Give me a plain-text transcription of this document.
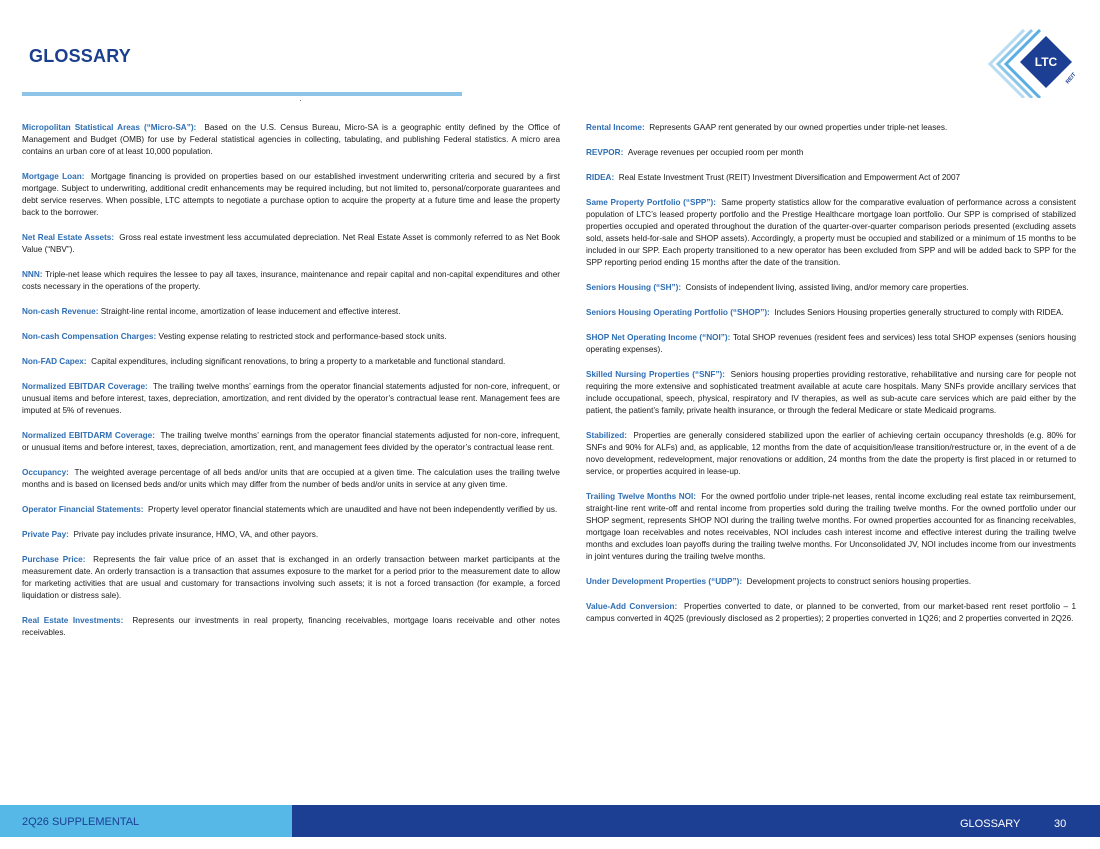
GLOSSARY	LTC
REIT

Micropolitan Statistical Areas (“Micro-SA”): Based on the U.S. Census Bureau, Micro-SA is a geographic entity defined by the Office of Management and Budget (OMB) for use by Federal statistical agencies in collecting, tabulating, and publishing Federal statistics. A micro area contains an urban core of at least 10,000 population.

Mortgage Loan: Mortgage financing is provided on properties based on our established investment underwriting criteria and secured by a first mortgage. Subject to underwriting, additional credit enhancements may be required including, but not limited to, personal/corporate guarantees and debt service reserves. When possible, LTC attempts to negotiate a purchase option to acquire the property at a future time and lease the property back to the borrower.

Net Real Estate Assets: Gross real estate investment less accumulated depreciation. Net Real Estate Asset is commonly referred to as Net Book Value (“NBV”).

NNN: Triple-net lease which requires the lessee to pay all taxes, insurance, maintenance and repair capital and non-capital expenditures and other costs necessary in the operations of the property.

Non-cash Revenue: Straight-line rental income, amortization of lease inducement and effective interest.

Non-cash Compensation Charges: Vesting expense relating to restricted stock and performance-based stock units.

Non-FAD Capex: Capital expenditures, including significant renovations, to bring a property to a marketable and functional standard.

Normalized EBITDAR Coverage: The trailing twelve months’ earnings from the operator financial statements adjusted for non-core, infrequent, or unusual items and before interest, taxes, depreciation, amortization, and rent divided by the operator’s contractual lease rent. Management fees are imputed at 5% of revenues.

Normalized EBITDARM Coverage: The trailing twelve months’ earnings from the operator financial statements adjusted for non-core, infrequent, or unusual items and before interest, taxes, depreciation, amortization, rent, and management fees divided by the operator’s contractual lease rent.

Occupancy: The weighted average percentage of all beds and/or units that are occupied at a given time. The calculation uses the trailing twelve months and is based on licensed beds and/or units which may differ from the number of beds and/or units in service at any given time.

Operator Financial Statements: Property level operator financial statements which are unaudited and have not been independently verified by us.

Private Pay: Private pay includes private insurance, HMO, VA, and other payors.

Purchase Price: Represents the fair value price of an asset that is exchanged in an orderly transaction between market participants at the measurement date. An orderly transaction is a transaction that assumes exposure to the market for a period prior to the measurement date to allow for marketing activities that are usual and customary for transactions involving such assets; it is not a forced transaction (for example, a forced liquidation or distress sale).

Real Estate Investments: Represents our investments in real property, financing receivables, mortgage loans receivable and other notes receivables.

Rental Income: Represents GAAP rent generated by our owned properties under triple-net leases.

REVPOR: Average revenues per occupied room per month

RIDEA: Real Estate Investment Trust (REIT) Investment Diversification and Empowerment Act of 2007

Same Property Portfolio (“SPP”): Same property statistics allow for the comparative evaluation of performance across a consistent population of LTC’s leased property portfolio and the Prestige Healthcare mortgage loan portfolio. Our SPP is comprised of stabilized properties occupied and operated throughout the duration of the quarter-over-quarter comparison periods presented (excluding assets sold, assets held-for-sale and SHOP assets). Accordingly, a property must be occupied and stabilized or a minimum of 15 months to be included in our SPP. Each property transitioned to a new operator has been excluded from SPP and will be added back to SPP for the SPP reporting period ending 15 months after the date of the transition.

Seniors Housing (“SH”): Consists of independent living, assisted living, and/or memory care properties.

Seniors Housing Operating Portfolio (“SHOP”): Includes Seniors Housing properties generally structured to comply with RIDEA.

SHOP Net Operating Income (“NOI”): Total SHOP revenues (resident fees and services) less total SHOP expenses (seniors housing operating expenses).

Skilled Nursing Properties (“SNF”): Seniors housing properties providing restorative, rehabilitative and nursing care for people not requiring the more extensive and sophisticated treatment available at acute care hospitals. Many SNFs provide ancillary services that include occupational, speech, physical, respiratory and IV therapies, as well as sub-acute care services which are paid either by the patient, the patient’s family, private health insurance, or through the federal Medicare or state Medicaid programs.

Stabilized: Properties are generally considered stabilized upon the earlier of achieving certain occupancy thresholds (e.g. 80% for SNFs and 90% for ALFs) and, as applicable, 12 months from the date of acquisition/lease transition/restructure or, in the event of a de novo development, redevelopment, major renovations or addition, 24 months from the date the property is first placed in or returned to service, or properties acquired in lease-up.

Trailing Twelve Months NOI: For the owned portfolio under triple-net leases, rental income excluding real estate tax reimbursement, straight-line rent write-off and rental income from properties sold during the trailing twelve months. For the owned portfolio under our SHOP segment, represents SHOP NOI during the trailing twelve months. For owned properties accounted for as financing receivables, mortgage loan receivables and notes receivables, NOI includes cash interest income and effective interest during the trailing twelve months and excludes loan payoffs during the trailing twelve months. For Unconsolidated JV, NOI includes income from our investments in joint ventures during the trailing twelve months.

Under Development Properties (“UDP”): Development projects to construct seniors housing properties.

Value-Add Conversion: Properties converted to date, or planned to be converted, from our market-based rent reset portfolio – 1 campus converted in 4Q25 (previously disclosed as 2 properties); 2 properties converted in 1Q26; and 2 properties converted in 2Q26.

2Q26 SUPPLEMENTAL	GLOSSARY	30
